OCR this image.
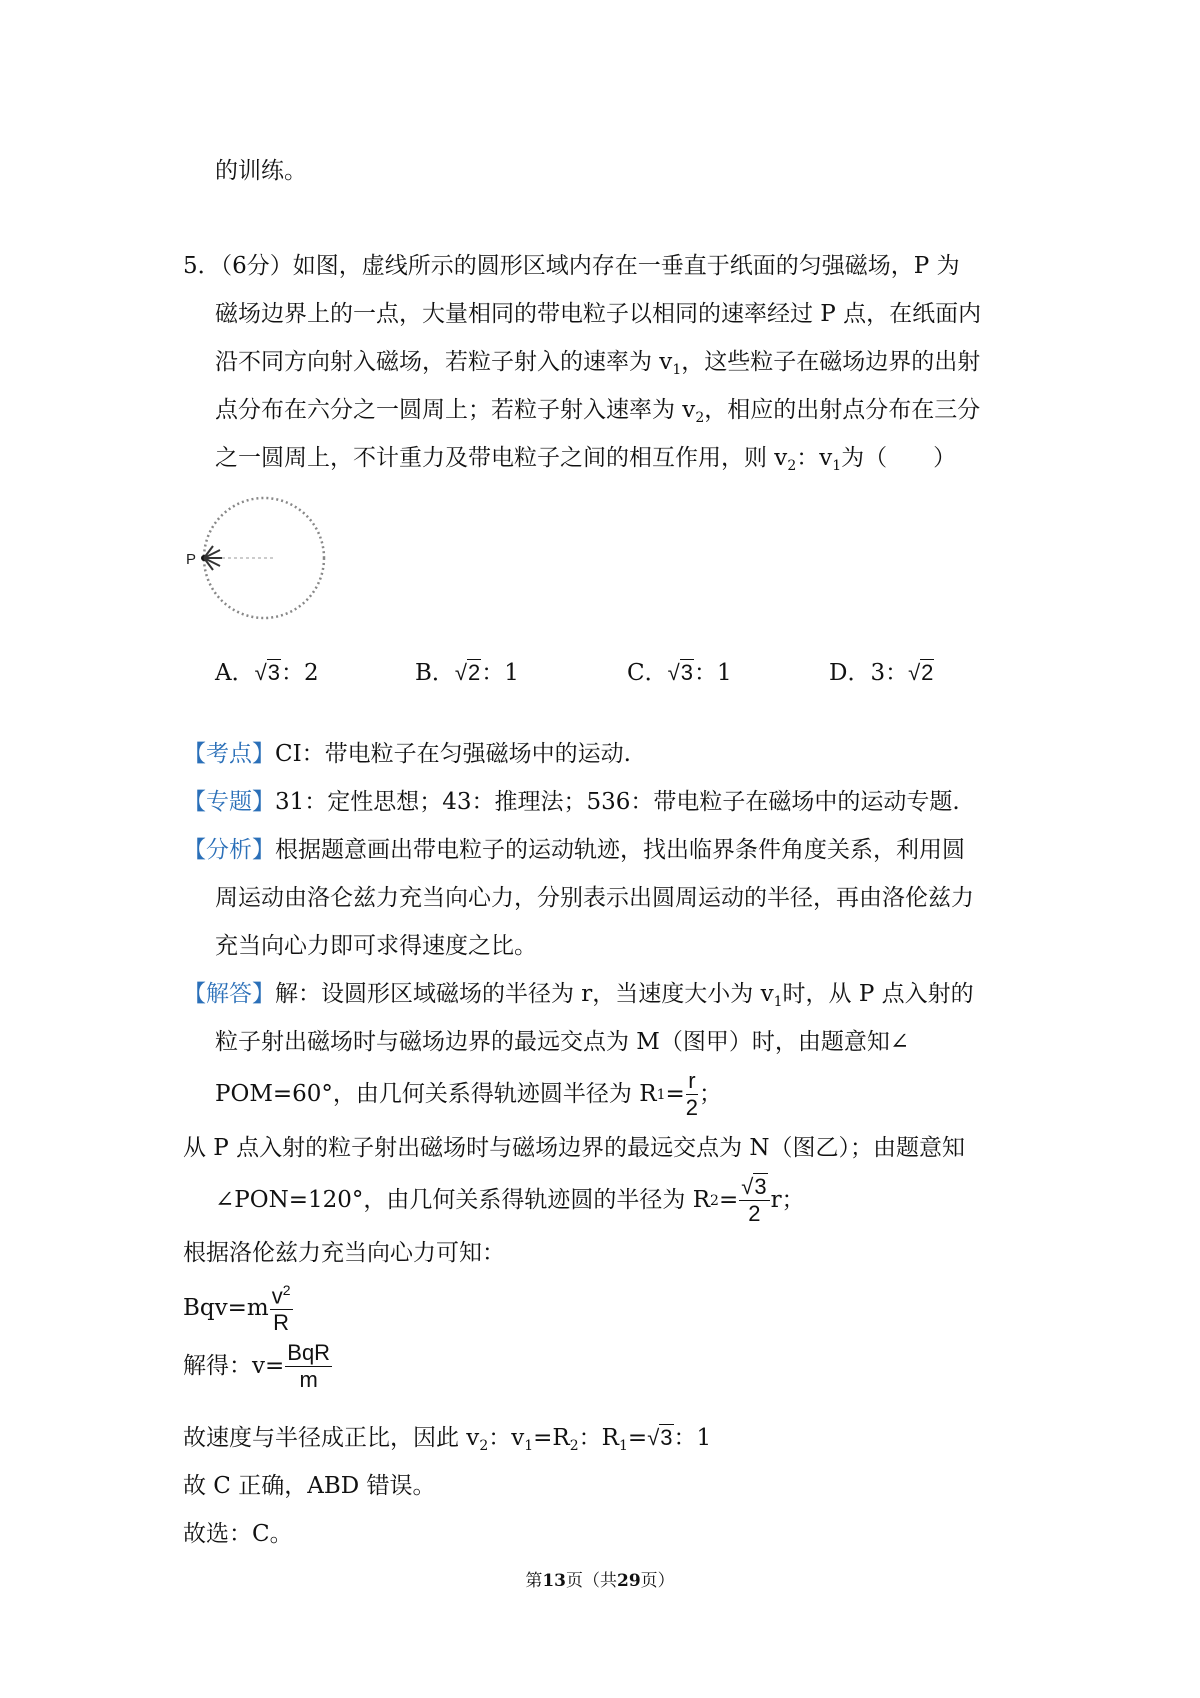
的训练。
5．（6分）如图，虚线所示的圆形区域内存在一垂直于纸面的匀强磁场，P 为
磁场边界上的一点，大量相同的带电粒子以相同的速率经过 P 点，在纸面内
沿不同方向射入磁场，若粒子射入的速率为 $v_1$，这些粒子在磁场边界的出射
点分布在六分之一圆周上；若粒子射入速率为 $v_2$，相应的出射点分布在三分
之一圆周上，不计重力及带电粒子之间的相互作用，则 $v_2$：$v_1$为（　　）
P
A．√3：2	B．√2：1	C．√3：1	D．3：√2
【考点】CI：带电粒子在匀强磁场中的运动.
【专题】31：定性思想；43：推理法；536：带电粒子在磁场中的运动专题.
【分析】根据题意画出带电粒子的运动轨迹，找出临界条件角度关系，利用圆
周运动由洛仑兹力充当向心力，分别表示出圆周运动的半径，再由洛伦兹力
充当向心力即可求得速度之比。
【解答】解：设圆形区域磁场的半径为 r，当速度大小为 $v_1$时，从 P 点入射的
粒子射出磁场时与磁场边界的最远交点为 M（图甲）时，由题意知∠
POM=60°，由几何关系得轨迹圆半径为 R $1 = \frac{r}{2}$ ；
从 P 点入射的粒子射出磁场时与磁场边界的最远交点为 N（图乙）；由题意知
∠PON=120°，由几何关系得轨迹圆的半径为 R $2 = \frac{√3}{2}$ r；
根据洛伦兹力充当向心力可知：
$Bqv=m \frac{v^2}{R}$
解得：$v= \frac{\text{BqR}}{m}$
故速度与半径成正比，因此 $v_2$：$v_1=R_2$：$R_1=√3$：1
故 C 正确，ABD 错误。
故选：C。
第13页（共29页）
